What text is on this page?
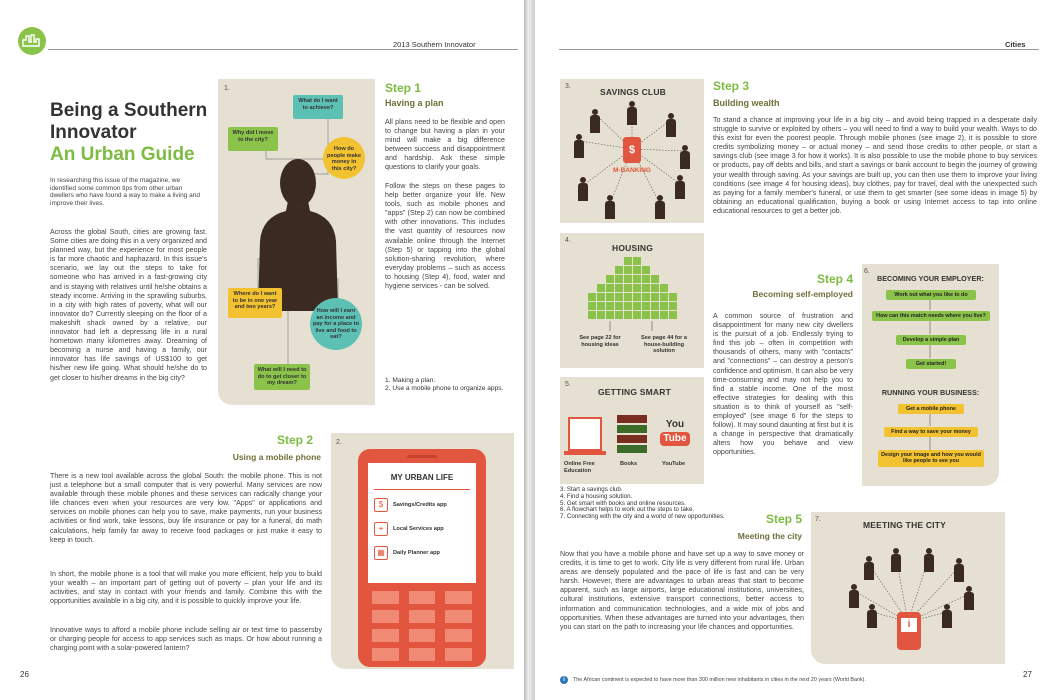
2013 Southern Innovator
Being a Southern
Innovator
An Urban Guide
In researching this issue of the magazine, we identified some common tips from other urban dwellers who have found a way to make a living and improve their lives.
Across the global South, cities are growing fast. Some cities are doing this in a very organized and planned way, but the experience for most people is far more chaotic and haphazard. In this issue's scenario, we lay out the steps to take for someone who has arrived in a fast-growing city and is staying with relatives until he/she obtains a steady income. Arriving in the sprawling suburbs, in a city with high rates of poverty, what will our innovator do? Currently sleeping on the floor of a makeshift shack owned by a relative, our innovator had left a depressing life in a rural hometown many kilometres away. Dreaming of becoming a nurse and having a family, our innovator has life savings of US$100 to get his/her new life going. What should he/she do to get closer to his/her dreams in the big city?
1.
What do I want to achieve?
Why did I move to the city?
How do people make money in this city?
Where do I want to be in one year and two years?
How will I earn an income and pay for a place to live and food to eat?
What will I need to do to get closer to my dream?
Step 1
Having a plan
All plans need to be flexible and open to change but having a plan in your mind will make a big difference between success and disappointment and hardship. Ask these simple questions to clarify your goals.
Follow the steps on these pages to help better organize your life. New tools, such as mobile phones and "apps" (Step 2) can now be combined with other innovations. This includes the vast quantity of resources now available online through the Internet (Step 5) or tapping into the global solution-sharing revolution, where everyday problems – such as access to housing (Step 4), food, water and hygiene services - can be solved.
1. Making a plan.
2. Use a mobile phone to organize apps.
Step 2
Using a mobile phone
There is a new tool available across the global South: the mobile phone. This is not just a telephone but a small computer that is very powerful. Many services are now available through these mobile phones and these services can radically change your life chances even when your resources are very low. "Apps" or applications and services on mobile phones can help you to save, make payments, run your business activities or find work, take lessons, buy life insurance or pay for a funeral, do math calculations, help family far away to receive food packages or just make it easy to keep in touch.
In short, the mobile phone is a tool that will make you more efficient, help you to build your wealth – an important part of getting out of poverty – plan your life and its activities, and stay in contact with your friends and family. Combine this with the opportunities available in a big city, and it is possible to quickly improve your life.
Innovative ways to afford a mobile phone include selling air or text time to passersby or charging people for access to app services such as maps. Or how about running a charging point with a solar-powered lantern?
2.
MY URBAN LIFE
$	Savings/Credits app
⌖	Local Services app
▦	Daily Planner app
26
Cities
3.
SAVINGS CLUB
$
M-BANKING
4.
HOUSING
See page 22 for housing ideas
See page 44 for a house-building solution
5.
GETTING SMART
You
Tube
Online Free Education
Books	YouTube
3. Start a savings club.
4. Find a housing solution.
5. Get smart with books and online resources.
6. A flowchart helps to work out the steps to take.
7. Connecting with the city and a world of new opportunities.
Step 3
Building wealth
To stand a chance at improving your life in a big city – and avoid being trapped in a desperate daily struggle to survive or exploited by others – you will need to find a way to build your wealth. Ways to do this exist for even the poorest people. Through mobile phones (see image 2), it is possible to store credits symbolizing money – or actual money – and send those credits to other people, or start a savings club (see image 3 for how it works). It is also possible to use the mobile phone to buy services or products, pay off debts and bills, and start a savings or bank account to begin the journey of growing your wealth through saving. As your savings are built up, you can then use them to improve your living conditions (see image 4 for housing ideas), buy clothes, pay for travel, deal with the unexpected such as paying for a family member's funeral, or use them to get smarter (see some ideas in image 5) by obtaining an educational qualification, buying a book or using Internet access to tap into online educational resources to get a better job.
Step 4
Becoming self-employed
A common source of frustration and disappointment for many new city dwellers is the pursuit of a job. Endlessly trying to find this job – often in competition with thousands of others, many with "contacts" and "connections" – can destroy a person's confidence and optimism. It can also be very time-consuming and may not help you to find a stable income. One of the most effective strategies for dealing with this situation is to think of yourself as "self-employed" (see image 6 for the steps to follow). It may sound daunting at first but it is a change in perspective that dramatically alters how you behave and view opportunities.
6.
BECOMING YOUR EMPLOYER:
Work out what you like to do
How can this match needs where you live?
Develop a simple plan
Get started!
RUNNING YOUR BUSINESS:
Get a mobile phone
Find a way to save your money
Design your image and how you would like people to see you
Step 5
Meeting the city
Now that you have a mobile phone and have set up a way to save money or credits, it is time to get to work. City life is very different from rural life. Urban areas are densely populated and the pace of life is fast and can be very harsh. However, there are advantages to urban areas that start to become apparent, such as large airports, large educational institutions, universities, cultural institutions, extensive transport connections, better access to information and communication technologies, and a wide mix of jobs and opportunities. When these advantages are turned into your advantages, then you can start on the path to increasing your life chances and opportunities.
7.
MEETING THE CITY
i
i	The African continent is expected to have more than 300 million new inhabitants in cities in the next 20 years (World Bank).
27
